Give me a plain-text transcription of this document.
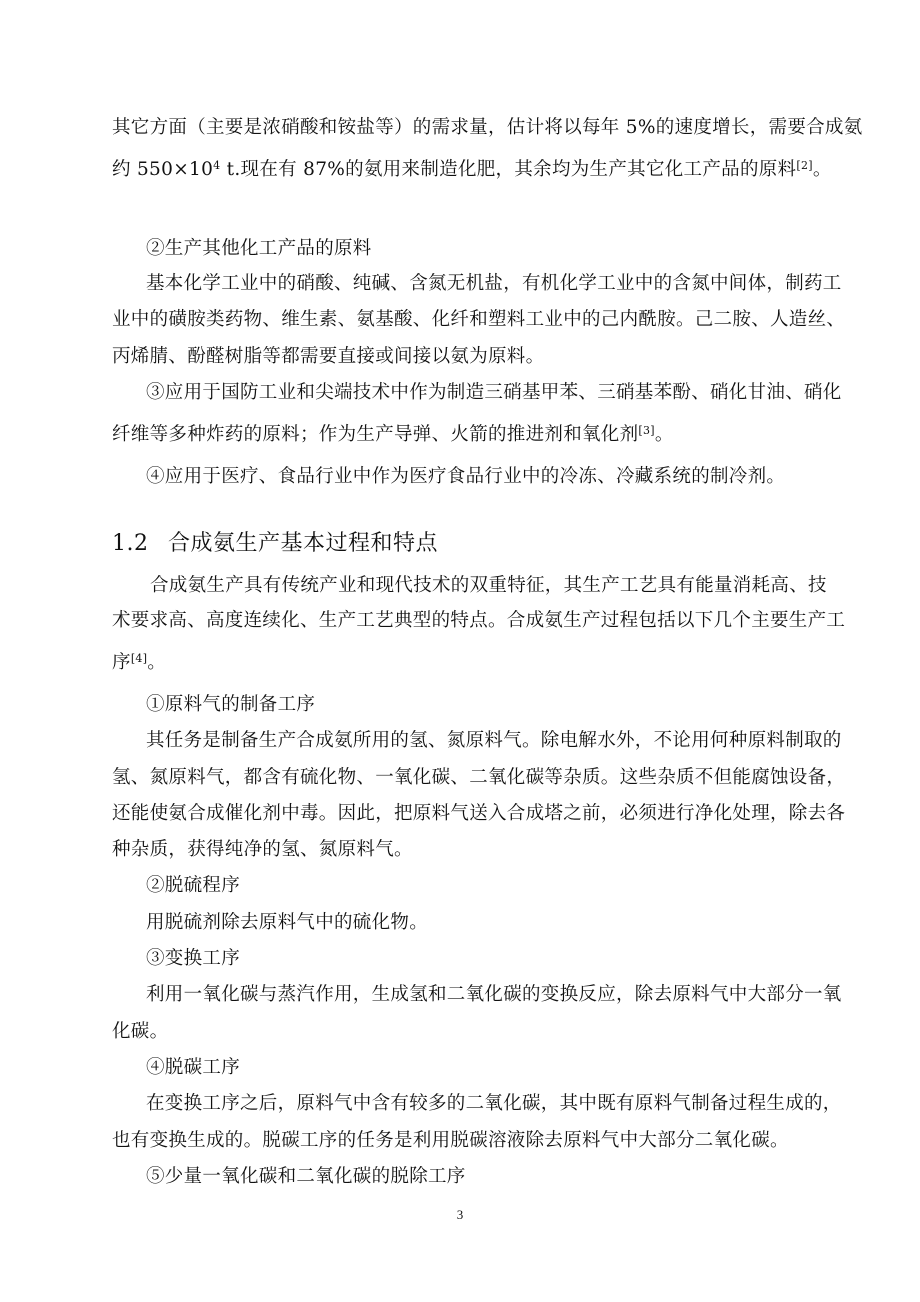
其它方面（主要是浓硝酸和铵盐等）的需求量，估计将以每年 5%的速度增长，需要合成氨
约 $550\times 10^4$ t.现在有 87%的氨用来制造化肥，其余均为生产其它化工产品的原料[2]。
②生产其他化工产品的原料
基本化学工业中的硝酸、纯碱、含氮无机盐，有机化学工业中的含氮中间体，制药工
业中的磺胺类药物、维生素、氨基酸、化纤和塑料工业中的己内酰胺。己二胺、人造丝、
丙烯腈、酚醛树脂等都需要直接或间接以氨为原料。
③应用于国防工业和尖端技术中作为制造三硝基甲苯、三硝基苯酚、硝化甘油、硝化
纤维等多种炸药的原料；作为生产导弹、火箭的推进剂和氧化剂[3]。
④应用于医疗、食品行业中作为医疗食品行业中的冷冻、冷藏系统的制冷剂。
1.2 合成氨生产基本过程和特点
合成氨生产具有传统产业和现代技术的双重特征，其生产工艺具有能量消耗高、技
术要求高、高度连续化、生产工艺典型的特点。合成氨生产过程包括以下几个主要生产工
序[4]。
①原料气的制备工序
其任务是制备生产合成氨所用的氢、氮原料气。除电解水外，不论用何种原料制取的
氢、氮原料气，都含有硫化物、一氧化碳、二氧化碳等杂质。这些杂质不但能腐蚀设备，
还能使氨合成催化剂中毒。因此，把原料气送入合成塔之前，必须进行净化处理，除去各
种杂质，获得纯净的氢、氮原料气。
②脱硫程序
用脱硫剂除去原料气中的硫化物。
③变换工序
利用一氧化碳与蒸汽作用，生成氢和二氧化碳的变换反应，除去原料气中大部分一氧
化碳。
④脱碳工序
在变换工序之后，原料气中含有较多的二氧化碳，其中既有原料气制备过程生成的，
也有变换生成的。脱碳工序的任务是利用脱碳溶液除去原料气中大部分二氧化碳。
⑤少量一氧化碳和二氧化碳的脱除工序
3
